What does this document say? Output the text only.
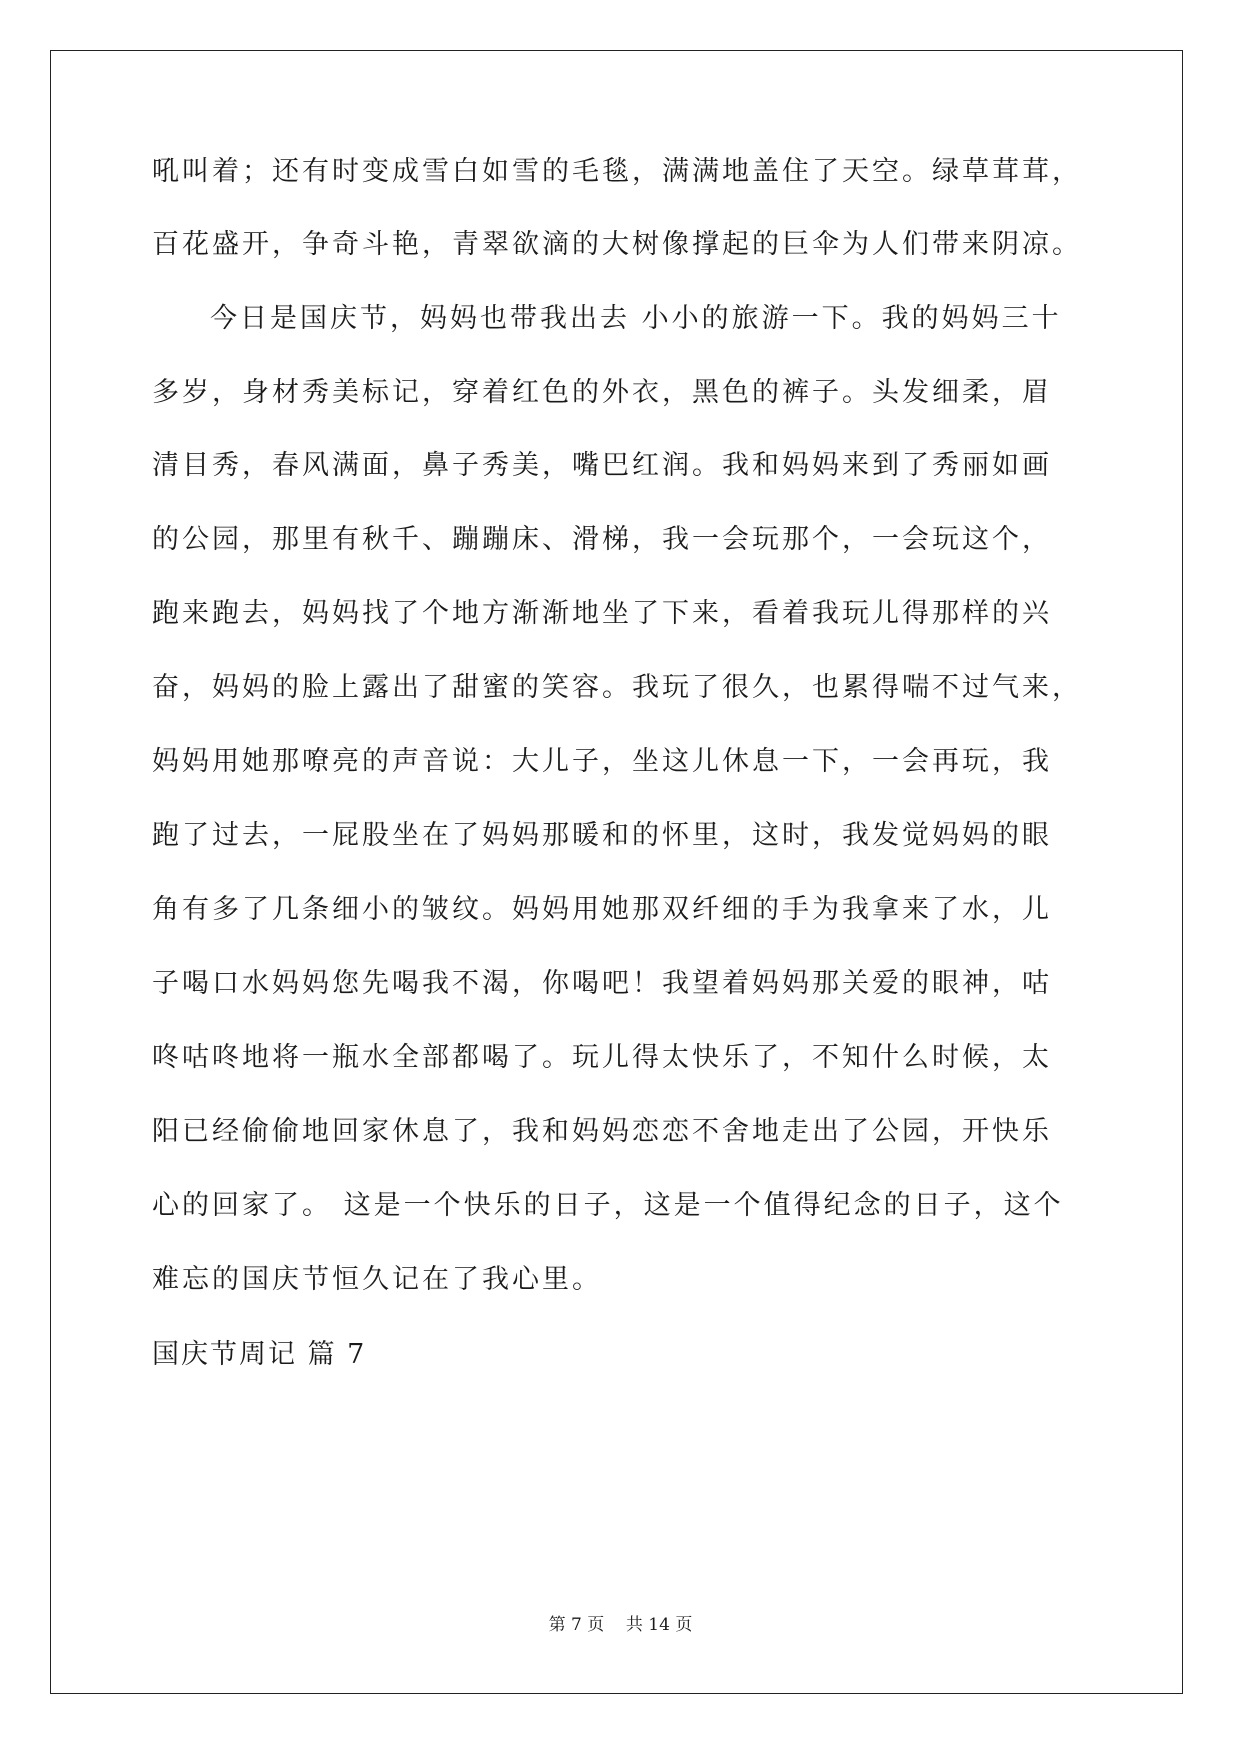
吼叫着；还有时变成雪白如雪的毛毯，满满地盖住了天空。绿草茸茸，
百花盛开，争奇斗艳，青翠欲滴的大树像撑起的巨伞为人们带来阴凉。
今日是国庆节，妈妈也带我出去 小小的旅游一下。我的妈妈三十
多岁，身材秀美标记，穿着红色的外衣，黑色的裤子。头发细柔，眉
清目秀，春风满面，鼻子秀美，嘴巴红润。我和妈妈来到了秀丽如画
的公园，那里有秋千、蹦蹦床、滑梯，我一会玩那个，一会玩这个，
跑来跑去，妈妈找了个地方渐渐地坐了下来，看着我玩儿得那样的兴
奋，妈妈的脸上露出了甜蜜的笑容。我玩了很久，也累得喘不过气来，
妈妈用她那嘹亮的声音说：大儿子，坐这儿休息一下，一会再玩，我
跑了过去，一屁股坐在了妈妈那暖和的怀里，这时，我发觉妈妈的眼
角有多了几条细小的皱纹。妈妈用她那双纤细的手为我拿来了水，儿
子喝口水妈妈您先喝我不渴，你喝吧！我望着妈妈那关爱的眼神，咕
咚咕咚地将一瓶水全部都喝了。玩儿得太快乐了，不知什么时候，太
阳已经偷偷地回家休息了，我和妈妈恋恋不舍地走出了公园，开快乐
心的回家了。 这是一个快乐的日子，这是一个值得纪念的日子，这个
难忘的国庆节恒久记在了我心里。
国庆节周记 篇 7
第 7 页    共 14 页
